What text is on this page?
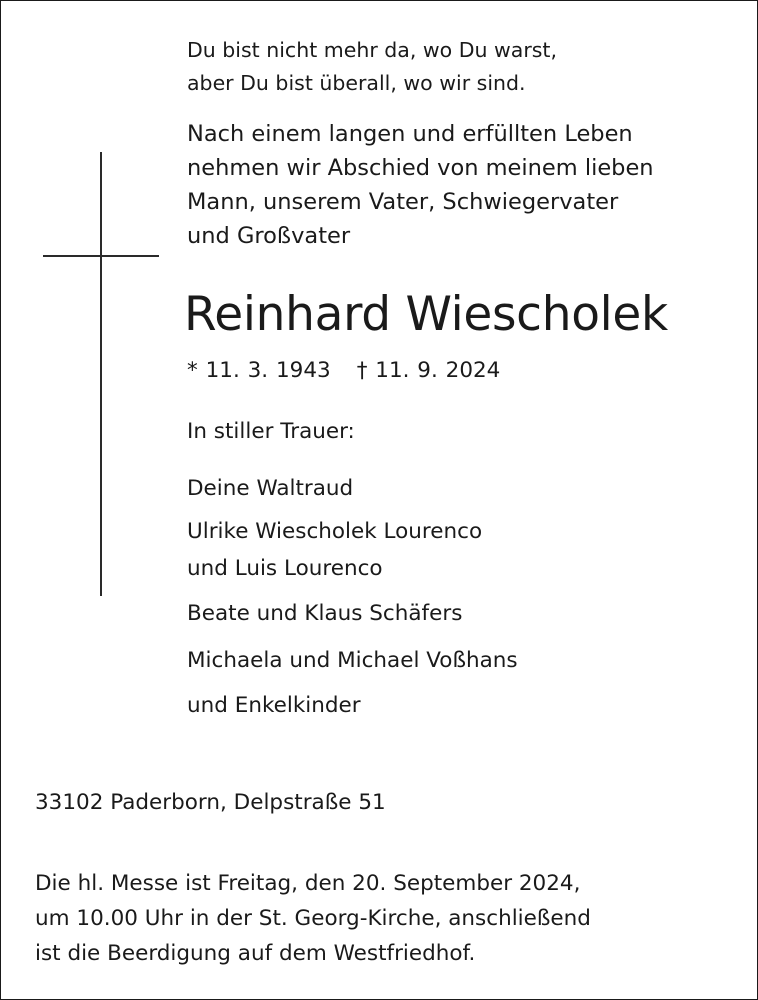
Du bist nicht mehr da, wo Du warst,
aber Du bist überall, wo wir sind.

Nach einem langen und erfüllten Leben
nehmen wir Abschied von meinem lieben
Mann, unserem Vater, Schwiegervater
und Großvater

Reinhard Wiescholek

* 11. 3. 1943 † 11. 9. 2024

In stiller Trauer:

Deine Waltraud

Ulrike Wiescholek Lourenco

und Luis Lourenco

Beate und Klaus Schäfers

Michaela und Michael Voßhans

und Enkelkinder

33102 Paderborn, Delpstraße 51

Die hl. Messe ist Freitag, den 20. September 2024,
um 10.00 Uhr in der St. Georg-Kirche, anschließend
ist die Beerdigung auf dem Westfriedhof.
